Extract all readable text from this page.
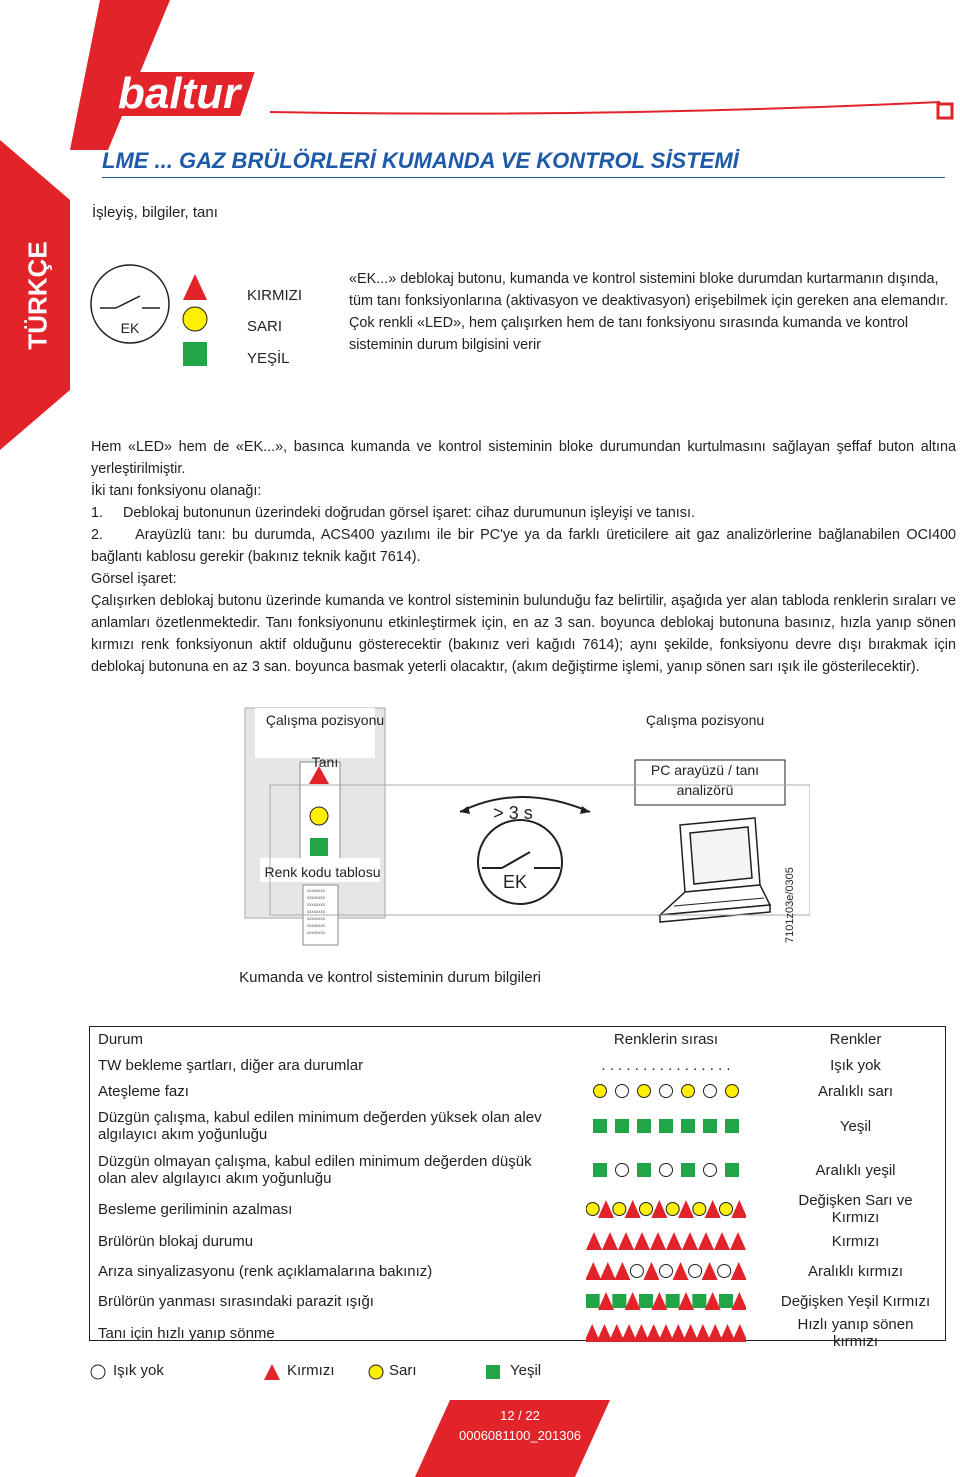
baltur
TÜRKÇE
LME ... GAZ BRÜLÖRLERİ KUMANDA VE KONTROL SİSTEMİ
İşleyiş, bilgiler, tanı
EK
KIRMIZI
SARI
YEŞİL
«EK...» deblokaj butonu, kumanda ve kontrol sistemini bloke durumdan kurtarmanın dışında, tüm tanı fonksiyonlarına (aktivasyon ve deaktivasyon) erişebilmek için gereken ana elemandır. Çok renkli «LED», hem çalışırken hem de tanı fonksiyonu sırasında kumanda ve kontrol sisteminin durum bilgisini verir
Hem «LED» hem de «EK...», basınca kumanda ve kontrol sisteminin bloke durumundan kurtulmasını sağlayan şeffaf buton altına yerleştirilmiştir.
İki tanı fonksiyonu olanağı:
1.     Deblokaj butonunun üzerindeki doğrudan görsel işaret: cihaz durumunun işleyişi ve tanısı.
2.     Arayüzlü tanı: bu durumda, ACS400 yazılımı ile bir PC'ye ya da farklı üreticilere ait gaz analizörlerine bağlanabilen OCI400 bağlantı kablosu gerekir (bakınız teknik kağıt 7614).
Görsel işaret:
Çalışırken deblokaj butonu üzerinde kumanda ve kontrol sisteminin bulunduğu faz belirtilir, aşağıda yer alan tabloda renklerin sıraları ve anlamları özetlenmektedir. Tanı fonksiyonunu etkinleştirmek için, en az 3 san. boyunca deblokaj butonuna basınız, hızla yanıp sönen kırmızı renk fonksiyonun aktif olduğunu gösterecektir (bakınız veri kağıdı 7614); aynı şekilde, fonksiyonu devre dışı bırakmak için deblokaj butonuna en az 3 san. boyunca basmak yeterli olacaktır, (akım değiştirme işlemi, yanıp sönen sarı ışık ile gösterilecektir).
xxxxxxxx
xxxxxxxx
xxxxxxxx
xxxxxxxx
xxxxxxxx
xxxxxxxx
xxxxxxxx
Çalışma pozisyonu
Tanı
Renk kodu tablosu
> 3 s
EK
Çalışma pozisyonu
PC arayüzü / tanı analizörü
7101z03e/0305
Kumanda ve kontrol sisteminin durum bilgileri
Durum	Renklerin sırası	Renkler
TW bekleme şartları, diğer ara durumlar	. . . . . . . . . . . . . . . .	Işık yok
Ateşleme fazı		Aralıklı sarı
Düzgün çalışma, kabul edilen minimum değerden yüksek olan alev algılayıcı akım yoğunluğu		Yeşil
Düzgün olmayan çalışma, kabul edilen minimum değerden düşük olan alev algılayıcı akım yoğunluğu		Aralıklı yeşil
Besleme geriliminin azalması		Değişken Sarı ve Kırmızı
Brülörün blokaj durumu		Kırmızı
Arıza sinyalizasyonu (renk açıklamalarına bakınız)		Aralıklı kırmızı
Brülörün yanması sırasındaki parazit ışığı		Değişken Yeşil Kırmızı
Tanı için hızlı yanıp sönme		Hızlı yanıp sönen kırmızı
Işık yok	Kırmızı	Sarı	Yeşil
12 / 22
0006081100_201306
